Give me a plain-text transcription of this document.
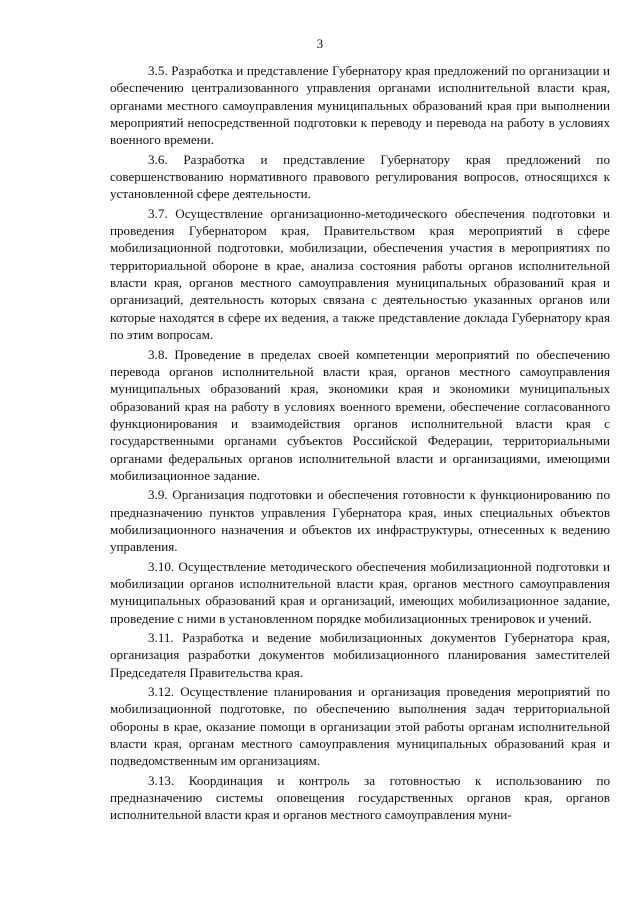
3

3.5. Разработка и представление Губернатору края предложений по организации и обеспечению централизованного управления органами исполнительной власти края, органами местного самоуправления муниципальных образований края при выполнении мероприятий непосредственной подготовки к переводу и перевода на работу в условиях военного времени.

3.6. Разработка и представление Губернатору края предложений по совершенствованию нормативного правового регулирования вопросов, относящихся к установленной сфере деятельности.

3.7. Осуществление организационно-методического обеспечения подготовки и проведения Губернатором края, Правительством края мероприятий в сфере мобилизационной подготовки, мобилизации, обеспечения участия в мероприятиях по территориальной обороне в крае, анализа состояния работы органов исполнительной власти края, органов местного самоуправления муниципальных образований края и организаций, деятельность которых связана с деятельностью указанных органов или которые находятся в сфере их ведения, а также представление доклада Губернатору края по этим вопросам.

3.8. Проведение в пределах своей компетенции мероприятий по обеспечению перевода органов исполнительной власти края, органов местного самоуправления муниципальных образований края, экономики края и экономики муниципальных образований края на работу в условиях военного времени, обеспечение согласованного функционирования и взаимодействия органов исполнительной власти края с государственными органами субъектов Российской Федерации, территориальными органами федеральных органов исполнительной власти и организациями, имеющими мобилизационное задание.

3.9. Организация подготовки и обеспечения готовности к функционированию по предназначению пунктов управления Губернатора края, иных специальных объектов мобилизационного назначения и объектов их инфраструктуры, отнесенных к ведению управления.

3.10. Осуществление методического обеспечения мобилизационной подготовки и мобилизации органов исполнительной власти края, органов местного самоуправления муниципальных образований края и организаций, имеющих мобилизационное задание, проведение с ними в установленном порядке мобилизационных тренировок и учений.

3.11. Разработка и ведение мобилизационных документов Губернатора края, организация разработки документов мобилизационного планирования заместителей Председателя Правительства края.

3.12. Осуществление планирования и организация проведения мероприятий по мобилизационной подготовке, по обеспечению выполнения задач территориальной обороны в крае, оказание помощи в организации этой работы органам исполнительной власти края, органам местного самоуправления муниципальных образований края и подведомственным им организациям.

3.13. Координация и контроль за готовностью к использованию по предназначению системы оповещения государственных органов края, органов исполнительной власти края и органов местного самоуправления муни-
